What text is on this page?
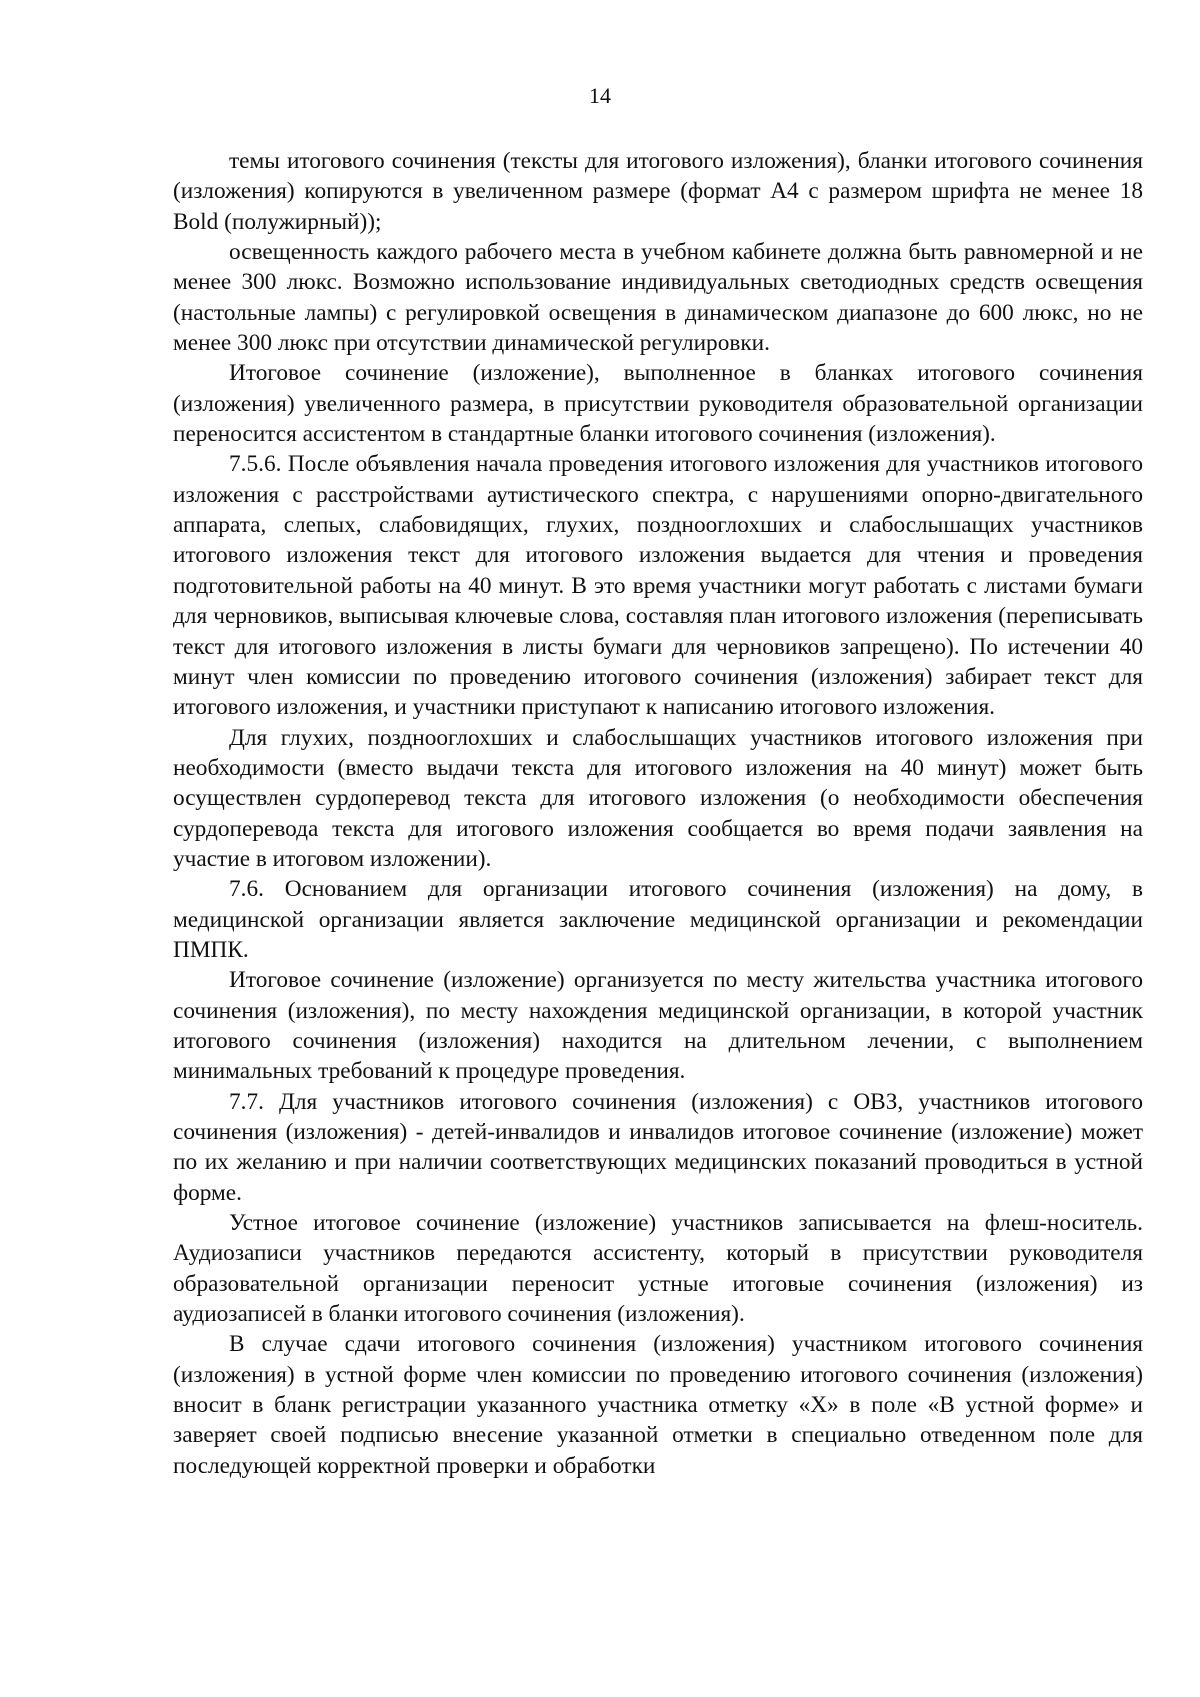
14

темы итогового сочинения (тексты для итогового изложения), бланки итогового сочинения (изложения) копируются в увеличенном размере (формат А4 с размером шрифта не менее 18 Bold (полужирный));

освещенность каждого рабочего места в учебном кабинете должна быть равномерной и не менее 300 люкс. Возможно использование индивидуальных светодиодных средств освещения (настольные лампы) с регулировкой освещения в динамическом диапазоне до 600 люкс, но не менее 300 люкс при отсутствии динамической регулировки.

Итоговое сочинение (изложение), выполненное в бланках итогового сочинения (изложения) увеличенного размера, в присутствии руководителя образовательной организации переносится ассистентом в стандартные бланки итогового сочинения (изложения).

7.5.6. После объявления начала проведения итогового изложения для участников итогового изложения с расстройствами аутистического спектра, с нарушениями опорно-двигательного аппарата, слепых, слабовидящих, глухих, позднооглохших и слабослышащих участников итогового изложения текст для итогового изложения выдается для чтения и проведения подготовительной работы на 40 минут. В это время участники могут работать с листами бумаги для черновиков, выписывая ключевые слова, составляя план итогового изложения (переписывать текст для итогового изложения в листы бумаги для черновиков запрещено). По истечении 40 минут член комиссии по проведению итогового сочинения (изложения) забирает текст для итогового изложения, и участники приступают к написанию итогового изложения.

Для глухих, позднооглохших и слабослышащих участников итогового изложения при необходимости (вместо выдачи текста для итогового изложения на 40 минут) может быть осуществлен сурдоперевод текста для итогового изложения (о необходимости обеспечения сурдоперевода текста для итогового изложения сообщается во время подачи заявления на участие в итоговом изложении).

7.6. Основанием для организации итогового сочинения (изложения) на дому, в медицинской организации является заключение медицинской организации и рекомендации ПМПК.

Итоговое сочинение (изложение) организуется по месту жительства участника итогового сочинения (изложения), по месту нахождения медицинской организации, в которой участник итогового сочинения (изложения) находится на длительном лечении, с выполнением минимальных требований к процедуре проведения.

7.7. Для участников итогового сочинения (изложения) с ОВЗ, участников итогового сочинения (изложения) - детей-инвалидов и инвалидов итоговое сочинение (изложение) может по их желанию и при наличии соответствующих медицинских показаний проводиться в устной форме.

Устное итоговое сочинение (изложение) участников записывается на флеш-носитель. Аудиозаписи участников передаются ассистенту, который в присутствии руководителя образовательной организации переносит устные итоговые сочинения (изложения) из аудиозаписей в бланки итогового сочинения (изложения).

В случае сдачи итогового сочинения (изложения) участником итогового сочинения (изложения) в устной форме член комиссии по проведению итогового сочинения (изложения) вносит в бланк регистрации указанного участника отметку «Х» в поле «В устной форме» и заверяет своей подписью внесение указанной отметки в специально отведенном поле для последующей корректной проверки и обработки
